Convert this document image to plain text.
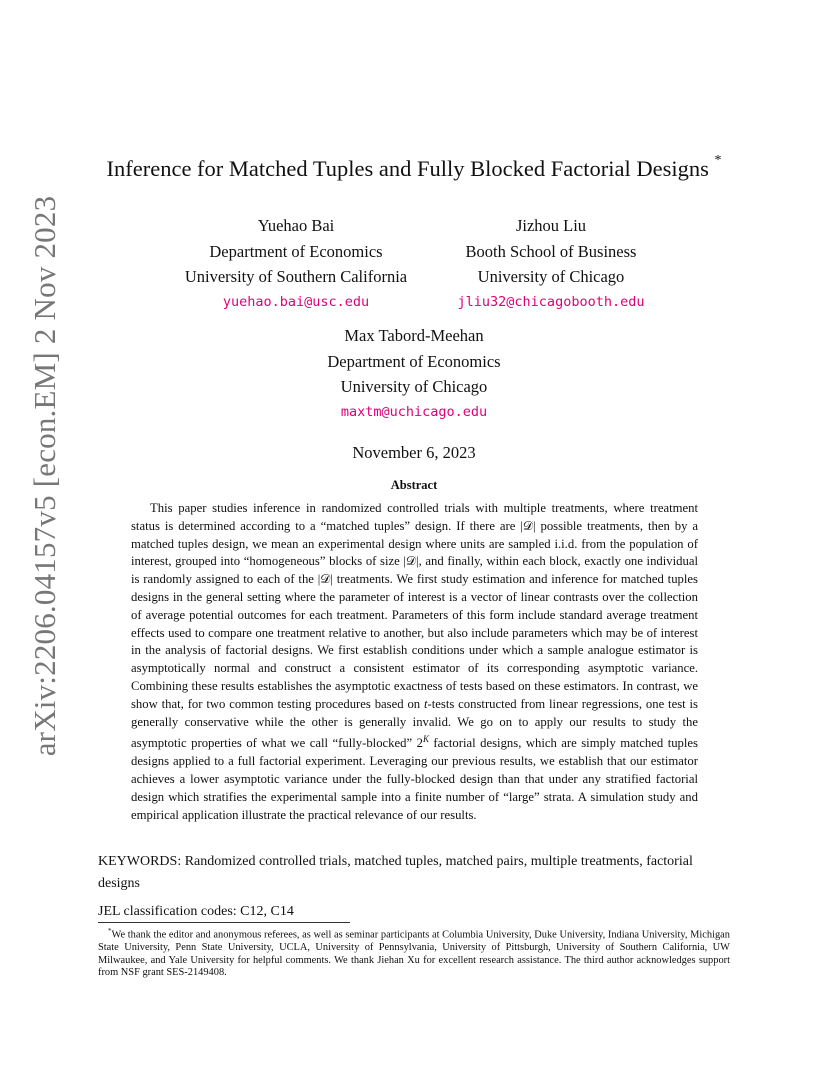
arXiv:2206.04157v5 [econ.EM] 2 Nov 2023
Inference for Matched Tuples and Fully Blocked Factorial Designs *
Yuehao Bai
Department of Economics
University of Southern California
yuehao.bai@usc.edu
Jizhou Liu
Booth School of Business
University of Chicago
jliu32@chicagobooth.edu
Max Tabord-Meehan
Department of Economics
University of Chicago
maxtm@uchicago.edu
November 6, 2023
Abstract

This paper studies inference in randomized controlled trials with multiple treatments, where treatment status is determined according to a “matched tuples” design. If there are |𝒟| possible treatments, then by a matched tuples design, we mean an experimental design where units are sampled i.i.d. from the population of interest, grouped into “homogeneous” blocks of size |𝒟|, and finally, within each block, exactly one individual is randomly assigned to each of the |𝒟| treatments. We first study estimation and inference for matched tuples designs in the general setting where the parameter of interest is a vector of linear contrasts over the collection of average potential outcomes for each treatment. Parameters of this form include standard average treatment effects used to compare one treatment relative to another, but also include parameters which may be of interest in the analysis of factorial designs. We first establish conditions under which a sample analogue estimator is asymptotically normal and construct a consistent estimator of its corresponding asymptotic variance. Combining these results establishes the asymptotic exactness of tests based on these estimators. In contrast, we show that, for two common testing procedures based on t-tests constructed from linear regressions, one test is generally conservative while the other is generally invalid. We go on to apply our results to study the asymptotic properties of what we call “fully-blocked” $2^K$ factorial designs, which are simply matched tuples designs applied to a full factorial experiment. Leveraging our previous results, we establish that our estimator achieves a lower asymptotic variance under the fully-blocked design than that under any stratified factorial design which stratifies the experimental sample into a finite number of “large” strata. A simulation study and empirical application illustrate the practical relevance of our results.

KEYWORDS: Randomized controlled trials, matched tuples, matched pairs, multiple treatments, factorial designs

JEL classification codes: C12, C14

*We thank the editor and anonymous referees, as well as seminar participants at Columbia University, Duke University, Indiana University, Michigan State University, Penn State University, UCLA, University of Pennsylvania, University of Pittsburgh, University of Southern California, UW Milwaukee, and Yale University for helpful comments. We thank Jiehan Xu for excellent research assistance. The third author acknowledges support from NSF grant SES-2149408.
